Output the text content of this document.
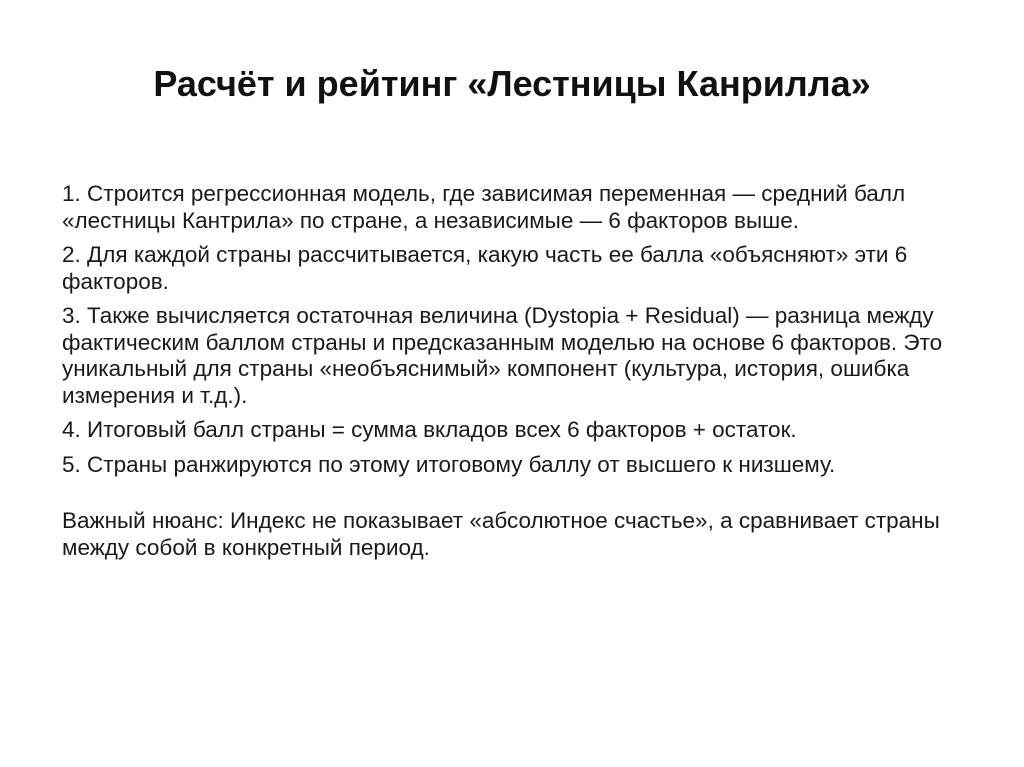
Расчёт и рейтинг «Лестницы Канрилла»

1. Строится регрессионная модель, где зависимая переменная — средний балл «лестницы Кантрила» по стране, а независимые — 6 факторов выше.

2. Для каждой страны рассчитывается, какую часть ее балла «объясняют» эти 6 факторов.

3. Также вычисляется остаточная величина (Dystopia + Residual) — разница между фактическим баллом страны и предсказанным моделью на основе 6 факторов. Это уникальный для страны «необъяснимый» компонент (культура, история, ошибка измерения и т.д.).

4. Итоговый балл страны = сумма вкладов всех 6 факторов + остаток.

5. Страны ранжируются по этому итоговому баллу от высшего к низшему.

Важный нюанс: Индекс не показывает «абсолютное счастье», а сравнивает страны между собой в конкретный период.
